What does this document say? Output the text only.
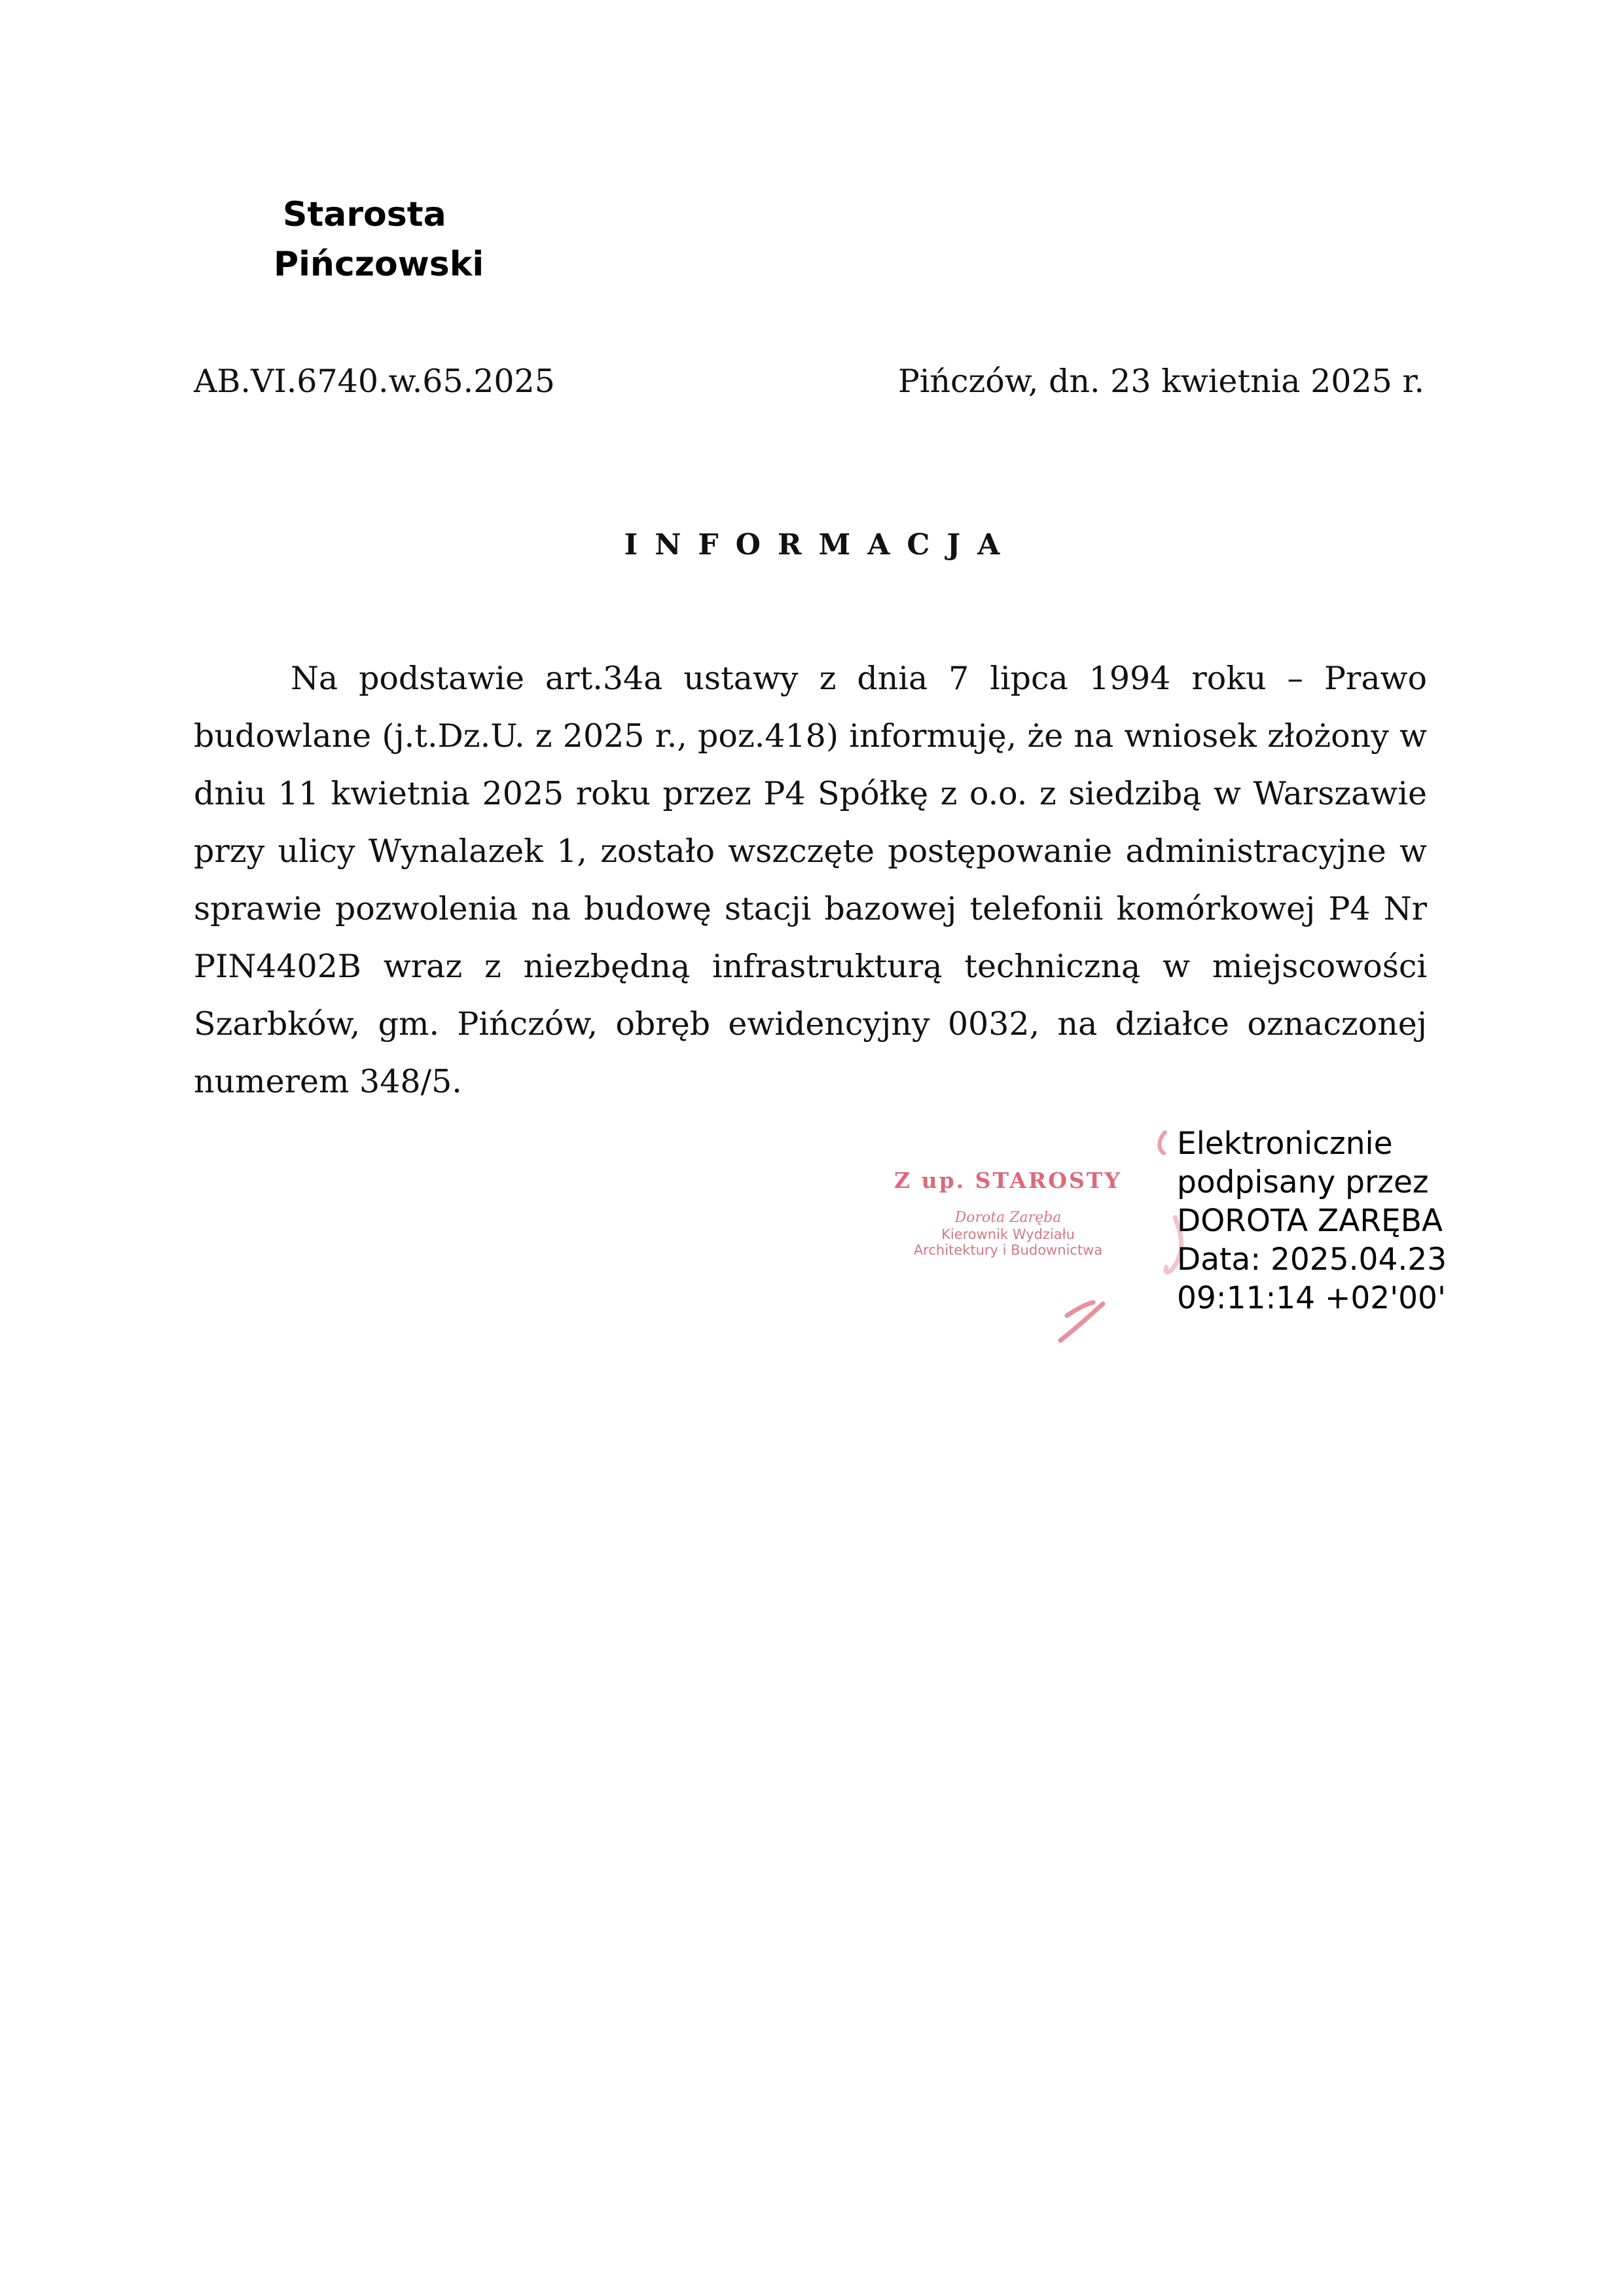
Starosta
Pińczowski
AB.VI.6740.w.65.2025	Pińczów, dn. 23 kwietnia 2025 r.
INFORMACJA

Na podstawie art.34a ustawy z dnia 7 lipca 1994 roku – Prawo budowlane (j.t.Dz.U. z 2025 r., poz.418) informuję, że na wniosek złożony w dniu 11 kwietnia 2025 roku przez P4 Spółkę z o.o. z siedzibą w Warszawie przy ulicy Wynalazek 1, zostało wszczęte postępowanie administracyjne w sprawie pozwolenia na budowę stacji bazowej telefonii komórkowej P4 Nr PIN4402B wraz z niezbędną infrastrukturą techniczną w miejscowości Szarbków, gm. Pińczów, obręb ewidencyjny 0032, na działce oznaczonej numerem 348/5.

Z up. STAROSTY
Dorota Zaręba
Kierownik Wydziału
Architektury i Budownictwa
Elektronicznie
podpisany przez
DOROTA ZARĘBA
Data: 2025.04.23
09:11:14 +02'00'
